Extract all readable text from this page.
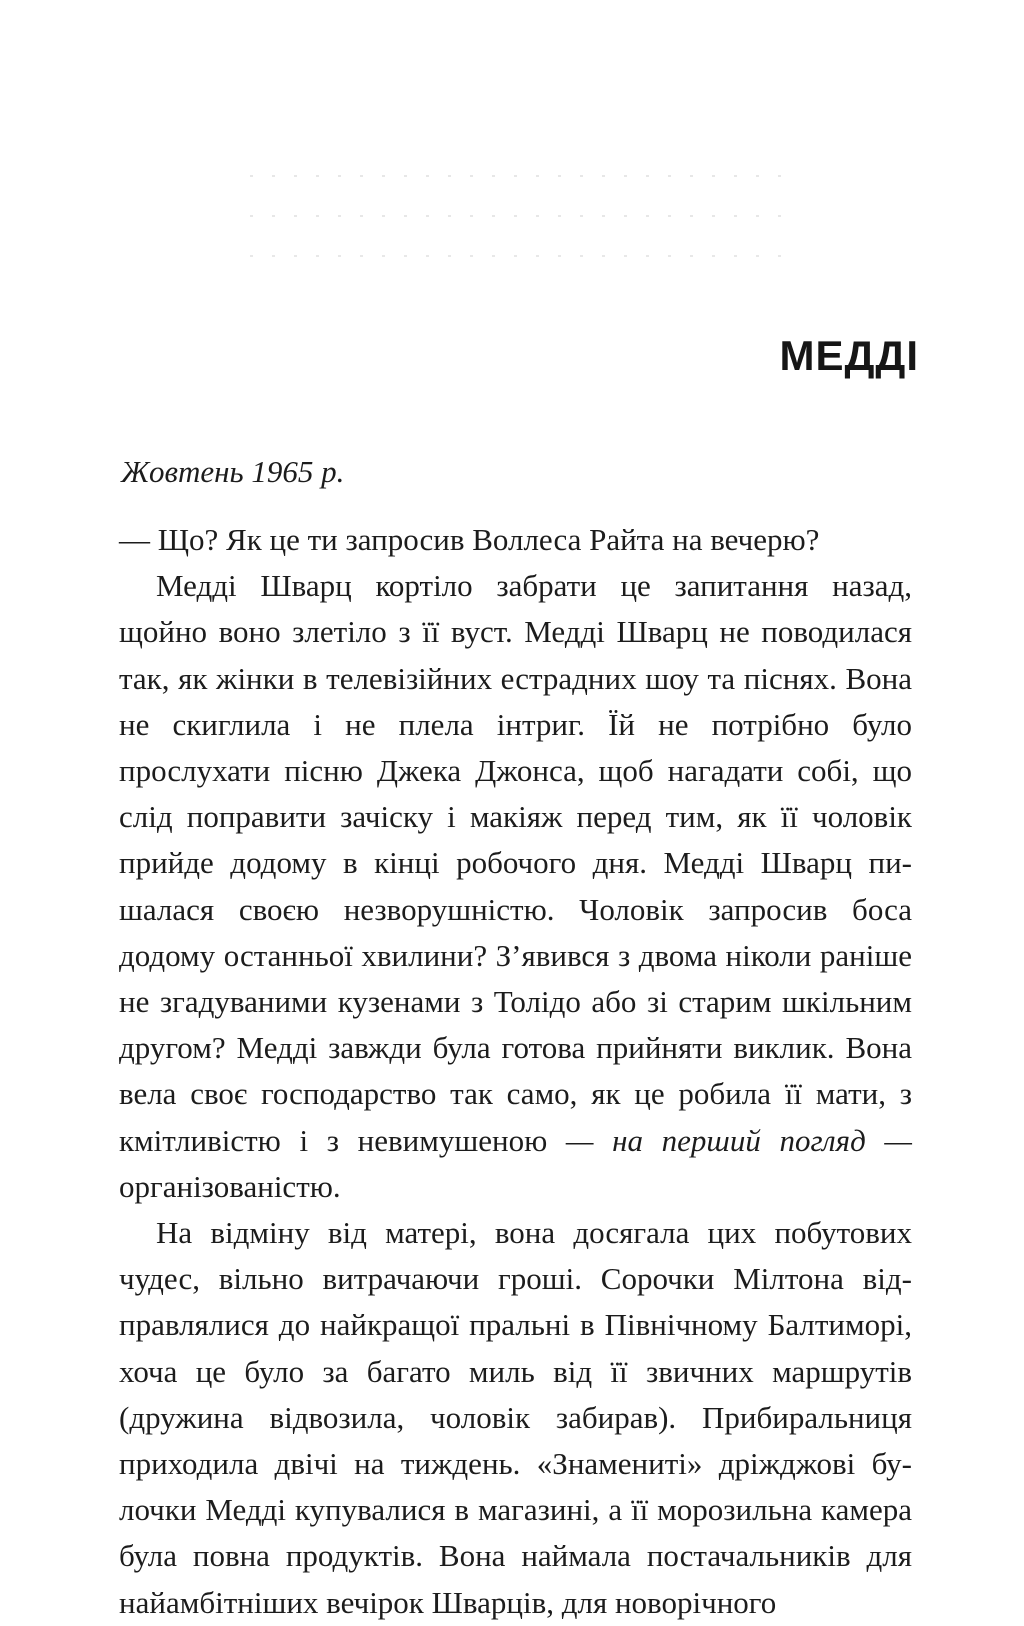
МЕДДІ

Жовтень 1965 р.

— Що? Як це ти запросив Воллеса Райта на вечерю?

Медді Шварц кортіло забрати це запитання назад, щойно воно злетіло з її вуст. Медді Шварц не поводилася так, як жінки в телевізійних естрадних шоу та піснях. Вона не скиглила і не плела інтриг. Їй не потрібно було прослухати пісню Джека Джонса, щоб нагадати собі, що слід поправити зачіску і макіяж перед тим, як її чоловік прийде додому в кінці робочого дня. Медді Шварц пишалася своєю незворушністю. Чоловік запросив боса додому останньої хвилини? З’явився з двома ніколи раніше не згадуваними кузенами з Толідо або зі старим шкільним другом? Медді завжди була готова прийняти виклик. Вона вела своє господарство так само, як це робила її мати, з кмітливістю і з невимушеною — на перший погляд — організованістю.

На відміну від матері, вона досягала цих побутових чудес, вільно витрачаючи гроші. Сорочки Мілтона відправлялися до найкращої пральні в Північному Балтиморі, хоча це було за багато миль від її звичних маршрутів (дружина відвозила, чоловік забирав). Прибиральниця приходила двічі на тиждень. «Знамениті» дріжджові булочки Медді купувалися в магазині, а її морозильна камера була повна продуктів. Вона наймала постачальників для найамбітніших вечірок Шварців, для новорічного
